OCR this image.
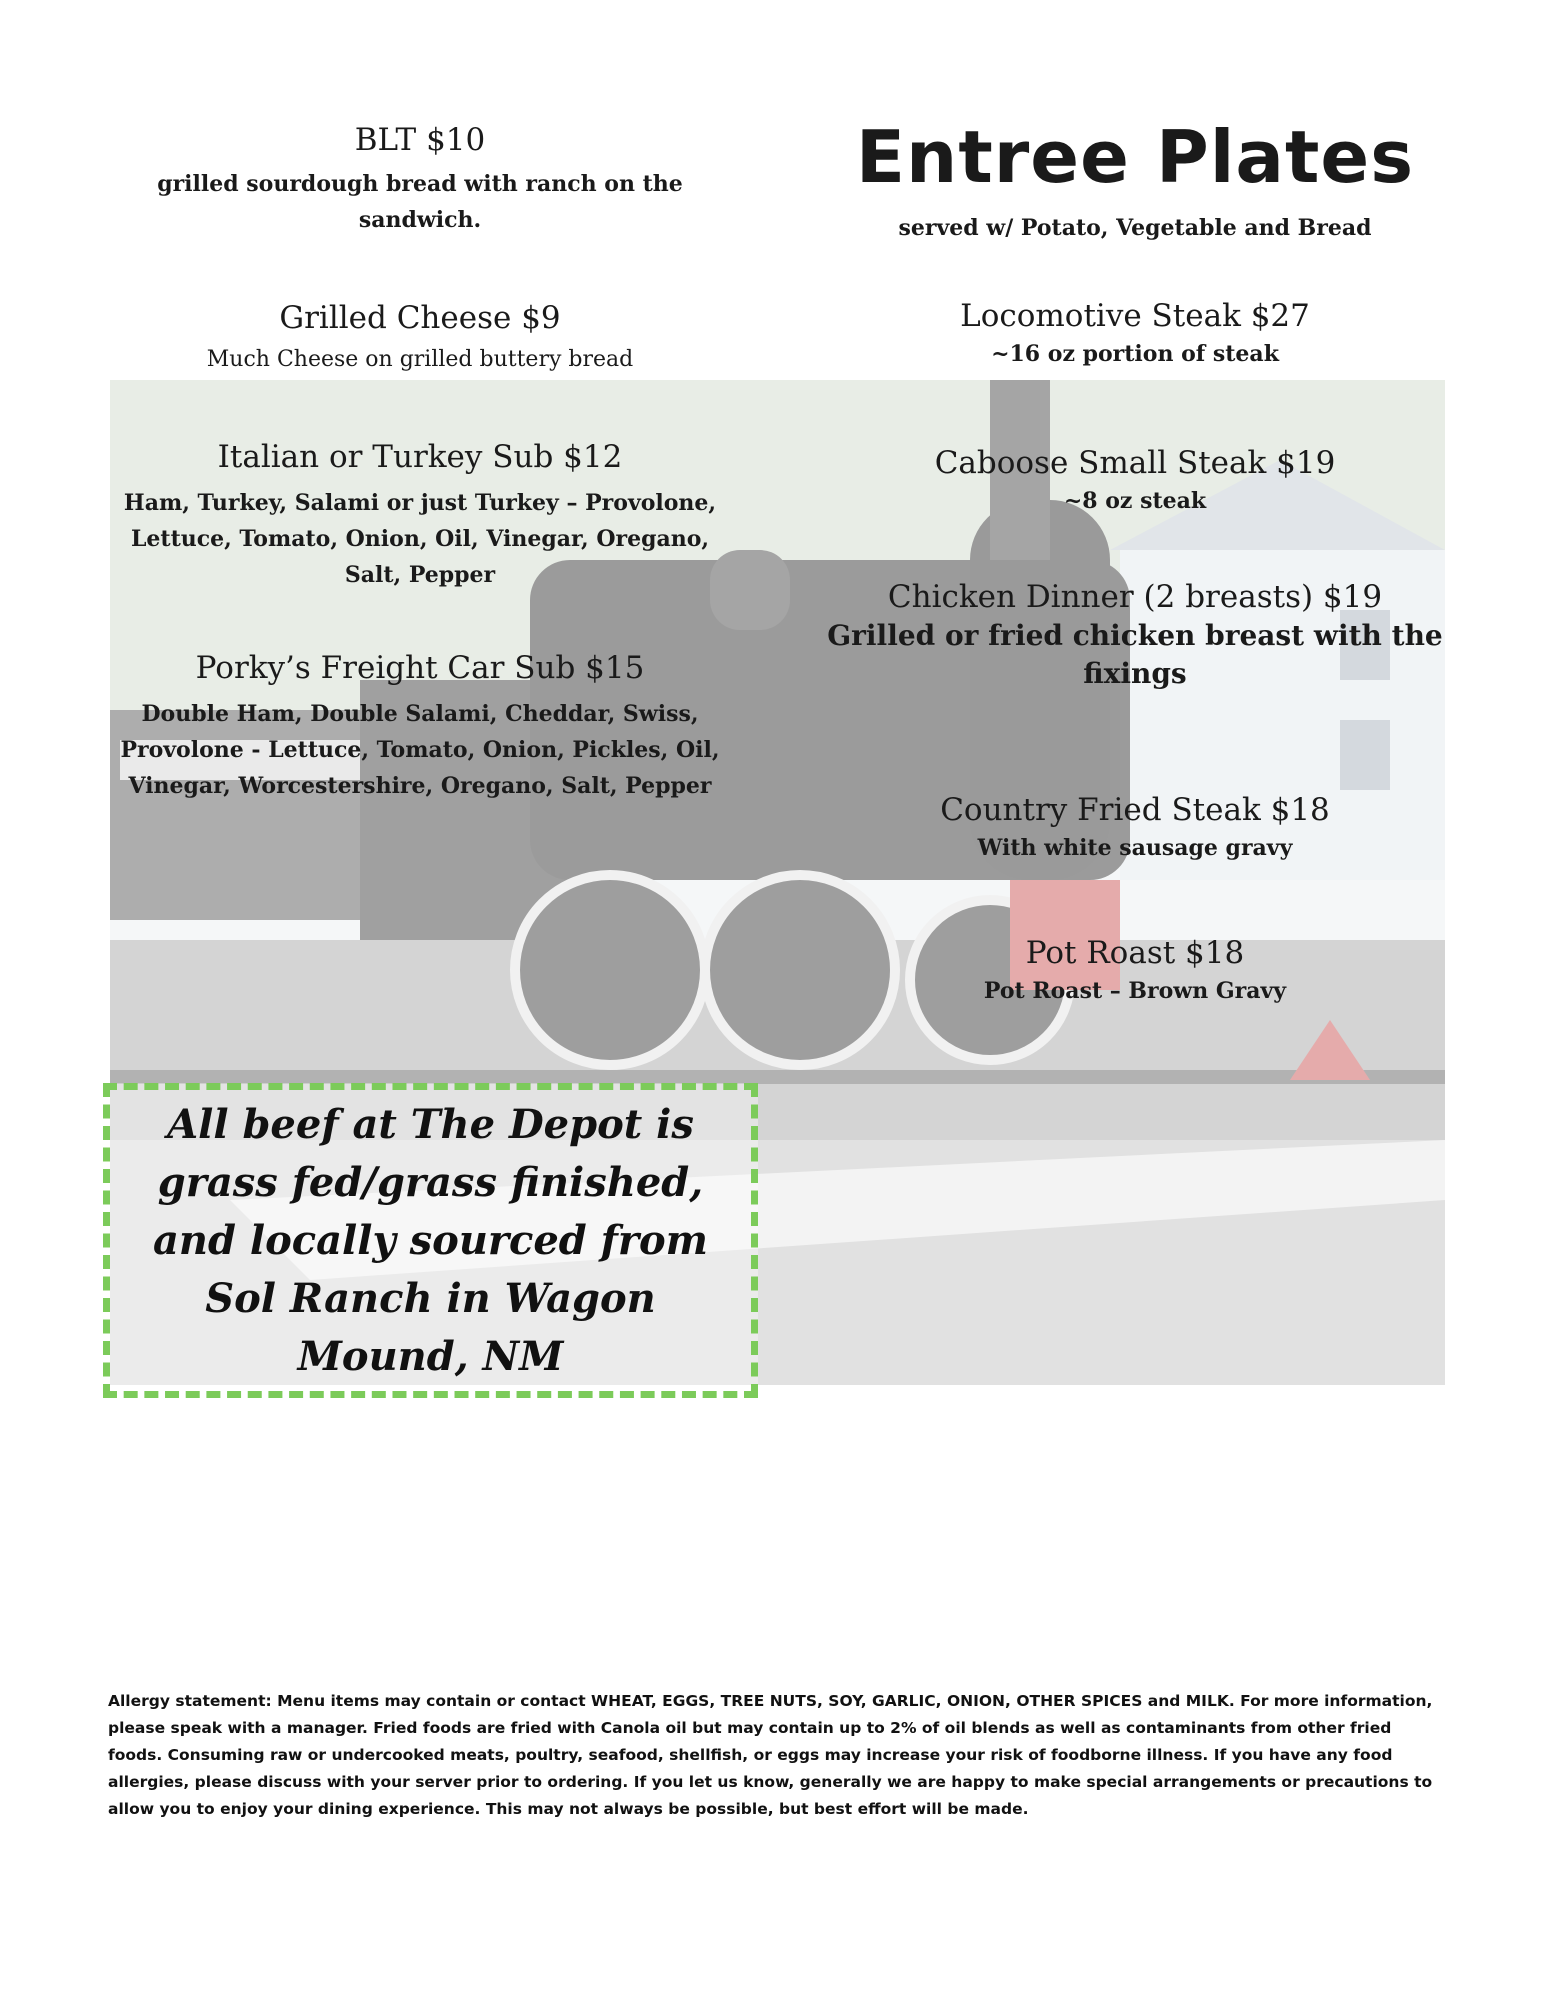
BLT $10
grilled sourdough bread with ranch on the sandwich.
Grilled Cheese $9
Much Cheese on grilled buttery bread
Italian or Turkey Sub $12
Ham, Turkey, Salami or just Turkey – Provolone, Lettuce, Tomato, Onion, Oil, Vinegar, Oregano, Salt, Pepper
Porky’s Freight Car Sub $15
Double Ham, Double Salami, Cheddar, Swiss, Provolone - Lettuce, Tomato, Onion, Pickles, Oil, Vinegar, Worcestershire, Oregano, Salt, Pepper
Entree Plates
served w/ Potato, Vegetable and Bread
Locomotive Steak $27
~16 oz portion of steak
Caboose Small Steak $19
~8 oz steak
Chicken Dinner (2 breasts) $19
Grilled or fried chicken breast with the fixings
Country Fried Steak $18
With white sausage gravy
Pot Roast $18
Pot Roast – Brown Gravy
All beef at The Depot is grass fed/grass finished, and locally sourced from Sol Ranch in Wagon Mound, NM
Allergy statement: Menu items may contain or contact WHEAT, EGGS, TREE NUTS, SOY, GARLIC, ONION, OTHER SPICES and MILK. For more information, please speak with a manager. Fried foods are fried with Canola oil but may contain up to 2% of oil blends as well as contaminants from other fried foods. Consuming raw or undercooked meats, poultry, seafood, shellfish, or eggs may increase your risk of foodborne illness. If you have any food allergies, please discuss with your server prior to ordering. If you let us know, generally we are happy to make special arrangements or precautions to allow you to enjoy your dining experience. This may not always be possible, but best effort will be made.
